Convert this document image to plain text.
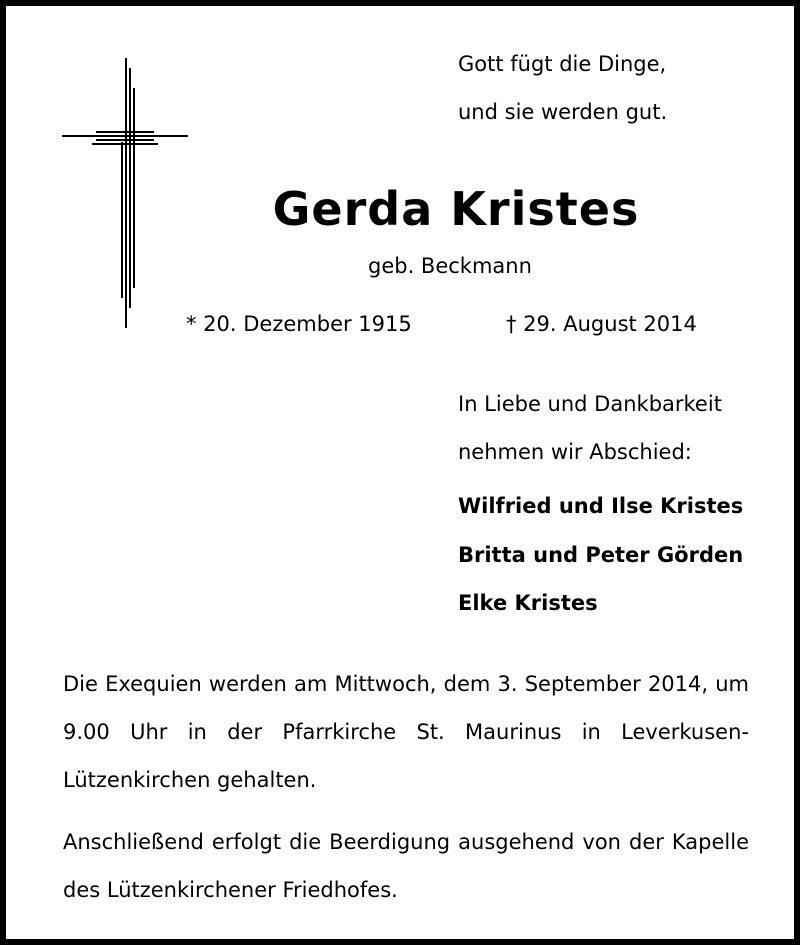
Gott fügt die Dinge,

und sie werden gut.

Gerda Kristes

geb. Beckmann

* 20. Dezember 1915	† 29. August 2014

In Liebe und Dankbarkeit

nehmen wir Abschied:

Wilfried und Ilse Kristes

Britta und Peter Görden

Elke Kristes

Die Exequien werden am Mittwoch, dem 3. September 2014, um 9.00 Uhr in der Pfarrkirche St. Maurinus in Leverkusen-Lützenkirchen gehalten.

Anschließend erfolgt die Beerdigung ausgehend von der Kapelle des Lützenkirchener Friedhofes.
